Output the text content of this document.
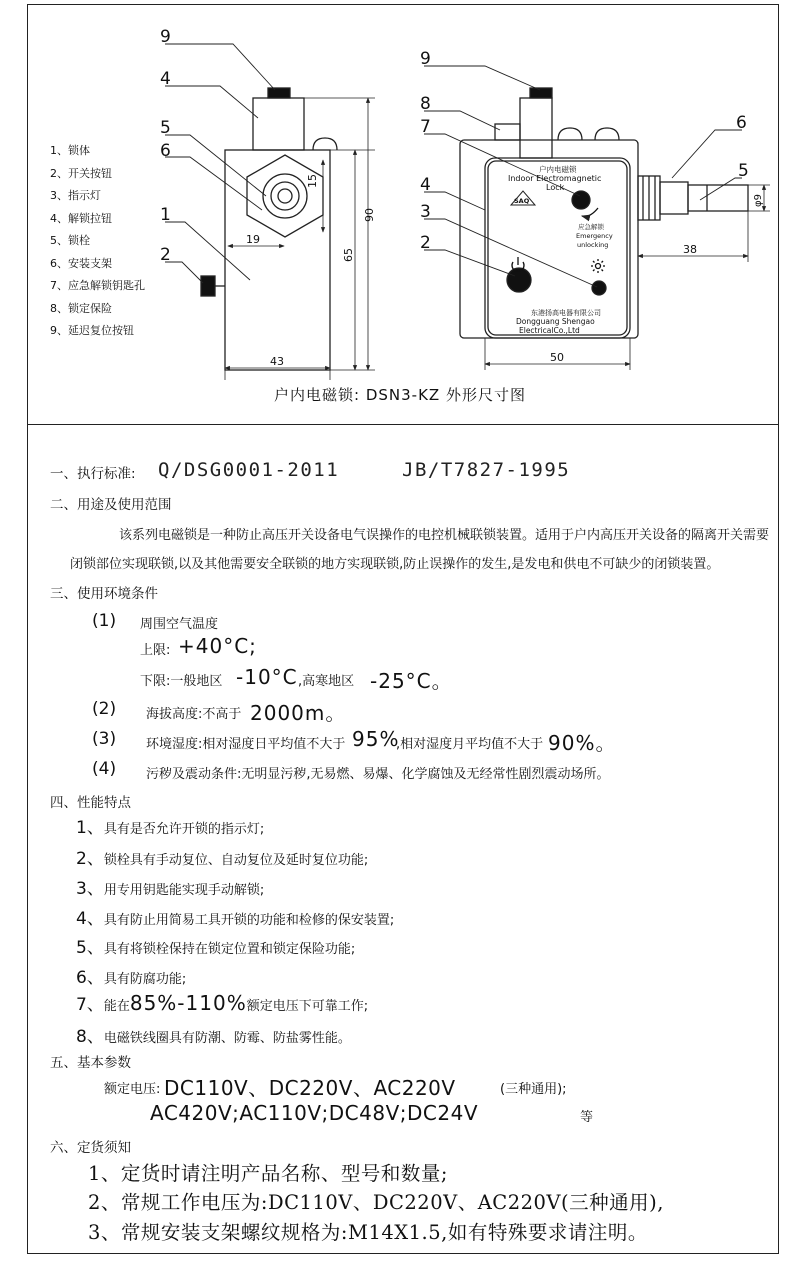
9
4
5
6
1
2
15
90
65
19
43
9
8
7
4
3
2
6
5
φ9
38
50
户内电磁锁
Indoor Electromagnetic
Lock
SAQ
应急解锁
Emergency
unlocking
东港扬高电器有限公司
Dongguang Shengao
ElectricalCo.,Ltd
1、锁体
2、开关按钮
3、指示灯
4、解锁拉钮
5、锁栓
6、安装支架
7、应急解锁钥匙孔
8、锁定保险
9、延迟复位按钮
户内电磁锁: DSN3-KZ 外形尺寸图
一、执行标准: Q/DSG0001-2011	JB/T7827-1995
二、用途及使用范围
该系列电磁锁是一种防止高压开关设备电气误操作的电控机械联锁装置。适用于户内高压开关设备的隔离开关需要
闭锁部位实现联锁,以及其他需要安全联锁的地方实现联锁,防止误操作的发生,是发电和供电不可缺少的闭锁装置。
三、使用环境条件
(1) 周围空气温度
上限: +40°C;
下限:一般地区 -10°C ,高寒地区 -25°C。
(2) 海拔高度:不高于 2000m。
(3) 环境湿度:相对湿度日平均值不大于 95%
,相对湿度月平均值不大于 90%。
(4) 污秽及震动条件:无明显污秽,无易燃、易爆、化学腐蚀及无经常性剧烈震动场所。
四、性能特点
1、具有是否允许开锁的指示灯;
2、锁栓具有手动复位、自动复位及延时复位功能;
3、用专用钥匙能实现手动解锁;
4、具有防止用简易工具开锁的功能和检修的保安装置;
5、具有将锁栓保持在锁定位置和锁定保险功能;
6、具有防腐功能;
7、能在85%-110%额定电压下可靠工作;
8、电磁铁线圈具有防潮、防霉、防盐雾性能。
五、基本参数
额定电压: DC110V、DC220V、AC220V	(三种通用);
AC420V;AC110V;DC48V;DC24V	等
六、定货须知
1、定货时请注明产品名称、型号和数量;
2、常规工作电压为:DC110V、DC220V、AC220V(三种通用),
3、常规安装支架螺纹规格为:M14X1.5,如有特殊要求请注明。
